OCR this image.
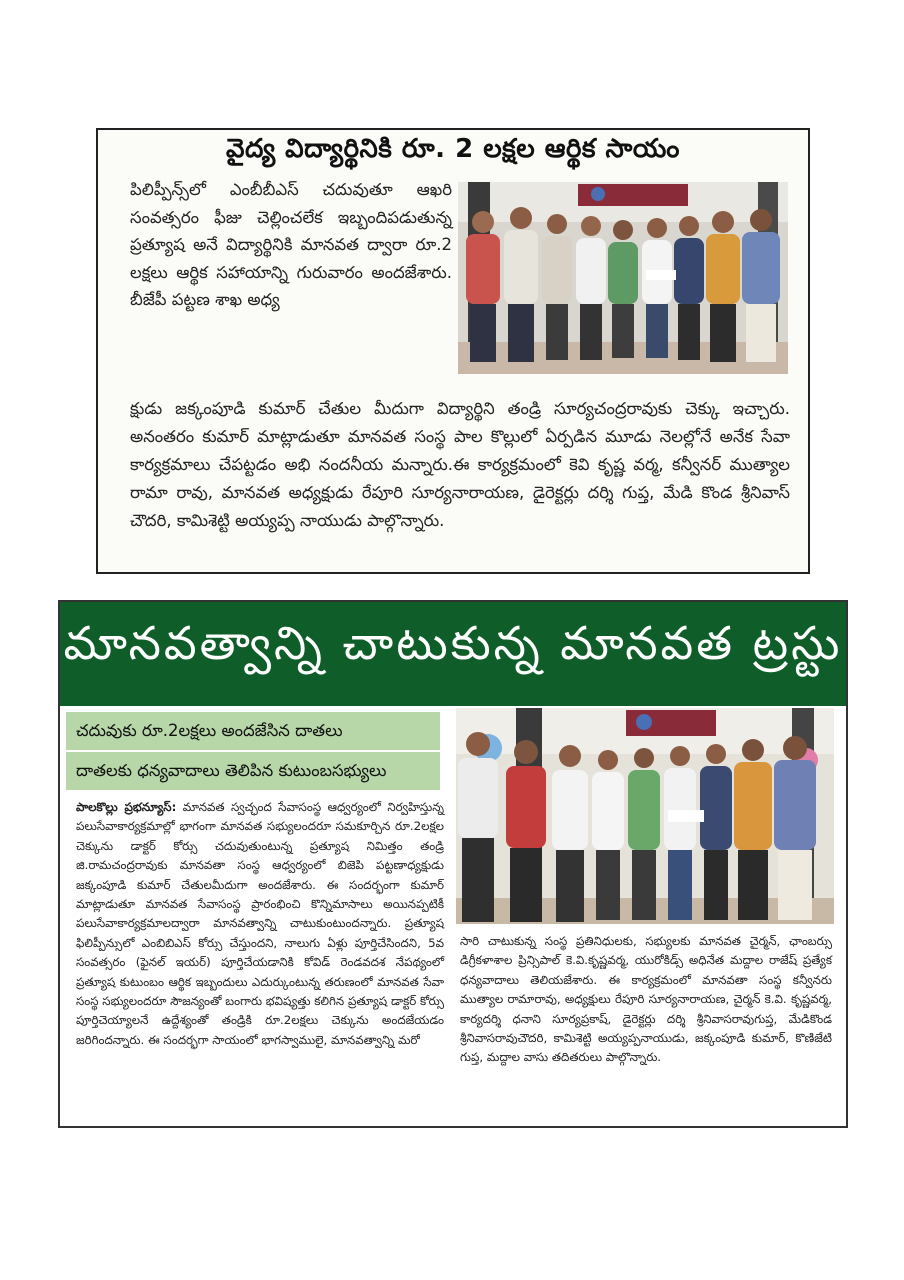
వైద్య విద్యార్థినికి రూ. 2 లక్షల ఆర్థిక సాయం
పిలిప్పీన్స్‌లో ఎంబీబీఎస్ చదువుతూ ఆఖరి సంవత్సరం ఫీజు చెల్లించలేక ఇబ్బందిపడుతున్న ప్రత్యూష అనే విద్యార్థినికి మానవత ద్వారా రూ.2 లక్షలు ఆర్థిక సహాయాన్ని గురువారం అందజేశారు. బీజేపీ పట్టణ శాఖ అధ్య
క్షుడు జక్కంపూడి కుమార్ చేతుల మీదుగా విద్యార్థిని తండ్రి సూర్యచంద్రరావుకు చెక్కు ఇచ్చారు. అనంతరం కుమార్ మాట్లాడుతూ మానవత సంస్థ పాల కొల్లులో ఏర్పడిన మూడు నెలల్లోనే అనేక సేవా కార్యక్రమాలు చేపట్టడం అభి నందనీయ మన్నారు.ఈ కార్యక్రమంలో కెవి కృష్ణ వర్మ, కన్వీనర్ ముత్యాల రామా రావు, మానవత అధ్యక్షుడు రేపూరి సూర్యనారాయణ, డైరెక్టర్లు దర్శి గుప్త, మేడి కొండ శ్రీనివాస్ చౌదరి, కామిశెట్టి అయ్యప్ప నాయుడు పాల్గొన్నారు.
మానవత్వాన్ని చాటుకున్న మానవత ట్రస్టు
చదువుకు రూ.2లక్షలు అందజేసిన దాతలు
దాతలకు ధన్యవాదాలు తెలిపిన కుటుంబసభ్యులు
పాలకొల్లు ప్రభన్యూస్: మానవత స్వచ్ఛంద సేవాసంస్థ ఆధ్వర్యంలో నిర్వహిస్తున్న పలుసేవాకార్యక్రమాల్లో భాగంగా మానవత సభ్యులందరూ సమకూర్చిన రూ.2లక్షల చెక్కును డాక్టర్ కోర్సు చదువుతుంటున్న ప్రత్యూష నిమిత్తం తండ్రి జి.రామచంద్రరావుకు మానవతా సంస్థ ఆధ్వర్యంలో బిజెపి పట్టణాధ్యక్షుడు జక్కంపూడి కుమార్ చేతులమీదుగా అందజేశారు. ఈ సందర్భంగా కుమార్ మాట్లాడుతూ మానవత సేవాసంస్థ ప్రారంభించి కొన్నిమాసాలు అయినప్పటికీ పలుసేవాకార్యక్రమాలద్వారా మానవత్వాన్ని చాటుకుంటుందన్నారు. ప్రత్యూష ఫిలిప్పీన్సులో ఎంబిబిఎస్ కోర్సు చేస్తుందని, నాలుగు ఏళ్లు పూర్తిచేసిందని, 5వ సంవత్సరం (ఫైనల్ ఇయర్) పూర్తిచేయడానికి కోవిడ్ రెండవదశ నేపథ్యంలో ప్రత్యూష కుటుంబం ఆర్థిక ఇబ్బందులు ఎదుర్కుంటున్న తరుణంలో మానవత సేవా సంస్థ సభ్యులందరూ సౌజన్యంతో బంగారు భవిష్యత్తు కలిగిన ప్రత్యూష డాక్టర్ కోర్సు పూర్తిచెయ్యాలనే ఉద్దేశ్యంతో తండ్రికి రూ.2లక్షలు చెక్కును అందజేయడం జరిగిందన్నారు. ఈ సందర్భగా సాయంలో భాగస్వాములై, మానవత్వాన్ని మరో
సారి చాటుకున్న సంస్థ ప్రతినిధులకు, సభ్యులకు మానవత చైర్మన్, ఛాంబర్సు డిగ్రీకళాశాల ప్రిన్సిపాల్ కె.వి.కృష్ణవర్మ, యురోకిడ్స్ అధినేత మద్దాల రాజేష్ ప్రత్యేక ధన్యవాదాలు తెలియజేశారు. ఈ కార్యక్రమంలో మానవతా సంస్థ కన్వీనరు ముత్యాల రామారావు, అధ్యక్షులు రేపూరి సూర్యనారాయణ, చైర్మన్ కె.వి. కృష్ణవర్మ, కార్యదర్శి ధనాని సూర్యప్రకాష్, డైరెక్టర్లు దర్శి శ్రీనివాసరావుగుప్త, మేడికొండ శ్రీనివాసరావుచౌదరి, కామిశెట్టి అయ్యప్పనాయుడు, జక్కంపూడి కుమార్, కొణిజేటి గుప్త, మద్దాల వాసు తదితరులు పాల్గొన్నారు.
